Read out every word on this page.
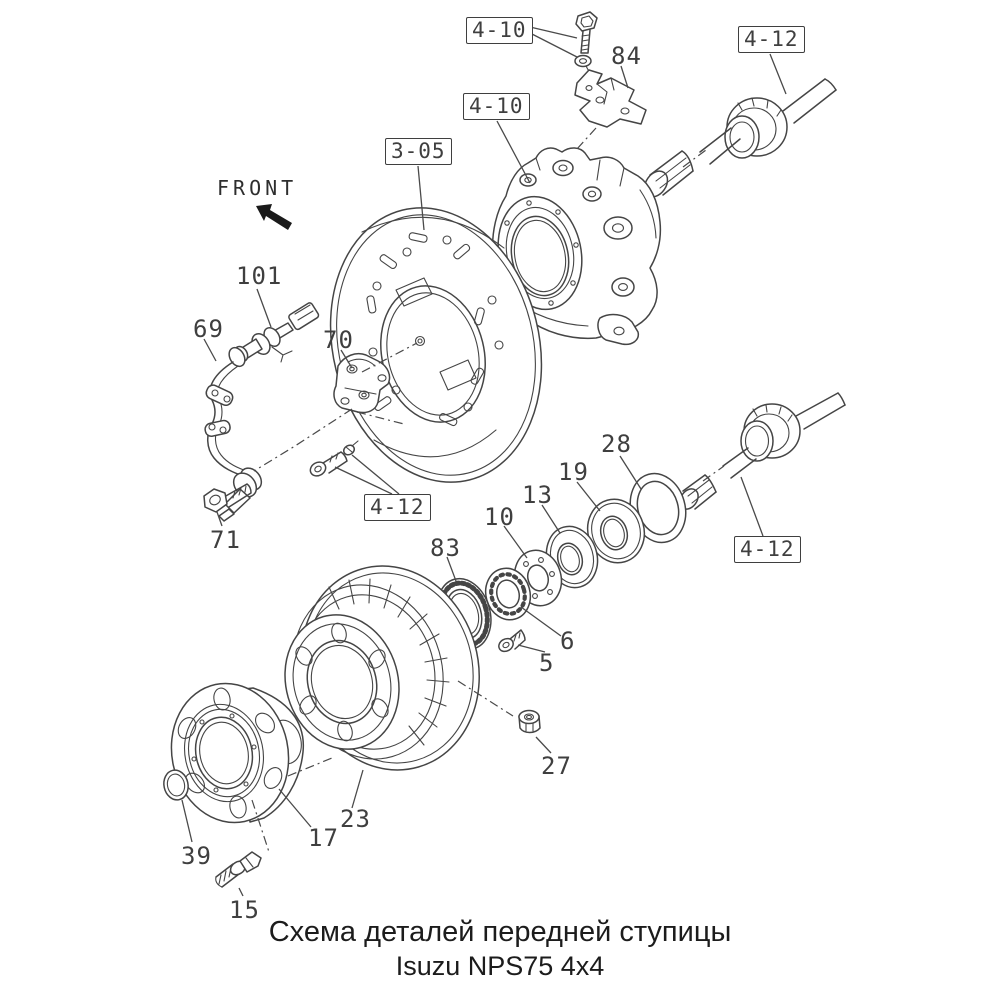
4-10	4-12
4-10
3-05
4-12
4-12
84
101
69	70
28
19
13
10
83
71
6
5
27
23
17
39
15
FRONT
Схема деталей передней ступицы
Isuzu NPS75 4x4
